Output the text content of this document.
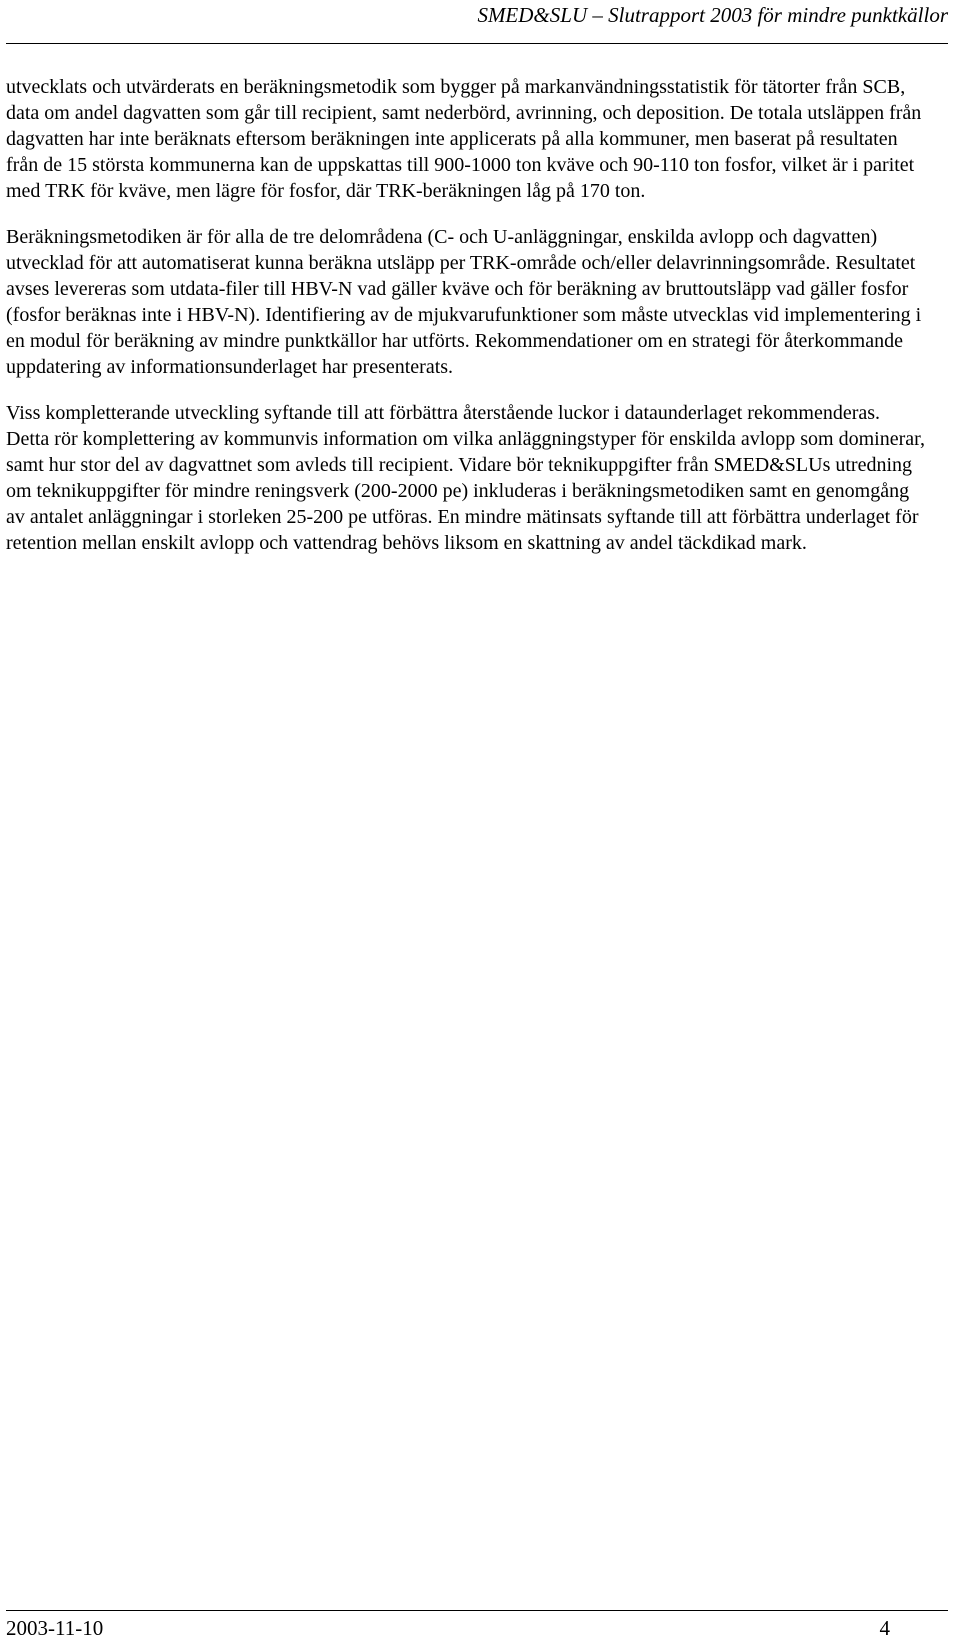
SMED&SLU – Slutrapport 2003 för mindre punktkällor

utvecklats och utvärderats en beräkningsmetodik som bygger på markanvändningsstatistik för tätorter från SCB, data om andel dagvatten som går till recipient, samt nederbörd, avrinning, och deposition. De totala utsläppen från dagvatten har inte beräknats eftersom beräkningen inte applicerats på alla kommuner, men baserat på resultaten från de 15 största kommunerna kan de uppskattas till 900-1000 ton kväve och 90-110 ton fosfor, vilket är i paritet med TRK för kväve, men lägre för fosfor, där TRK-beräkningen låg på 170 ton.

Beräkningsmetodiken är för alla de tre delområdena (C- och U-anläggningar, enskilda avlopp och dagvatten) utvecklad för att automatiserat kunna beräkna utsläpp per TRK-område och/eller delavrinningsområde. Resultatet avses levereras som utdata-filer till HBV-N vad gäller kväve och för beräkning av bruttoutsläpp vad gäller fosfor (fosfor beräknas inte i HBV-N). Identifiering av de mjukvarufunktioner som måste utvecklas vid implementering i en modul för beräkning av mindre punktkällor har utförts. Rekommendationer om en strategi för återkommande uppdatering av informationsunderlaget har presenterats.

Viss kompletterande utveckling syftande till att förbättra återstående luckor i dataunderlaget rekommenderas. Detta rör komplettering av kommunvis information om vilka anläggningstyper för enskilda avlopp som dominerar, samt hur stor del av dagvattnet som avleds till recipient. Vidare bör teknikuppgifter från SMED&SLUs utredning om teknikuppgifter för mindre reningsverk (200-2000 pe) inkluderas i beräkningsmetodiken samt en genomgång av antalet anläggningar i storleken 25-200 pe utföras. En mindre mätinsats syftande till att förbättra underlaget för retention mellan enskilt avlopp och vattendrag behövs liksom en skattning av andel täckdikad mark.

2003-11-10	4
